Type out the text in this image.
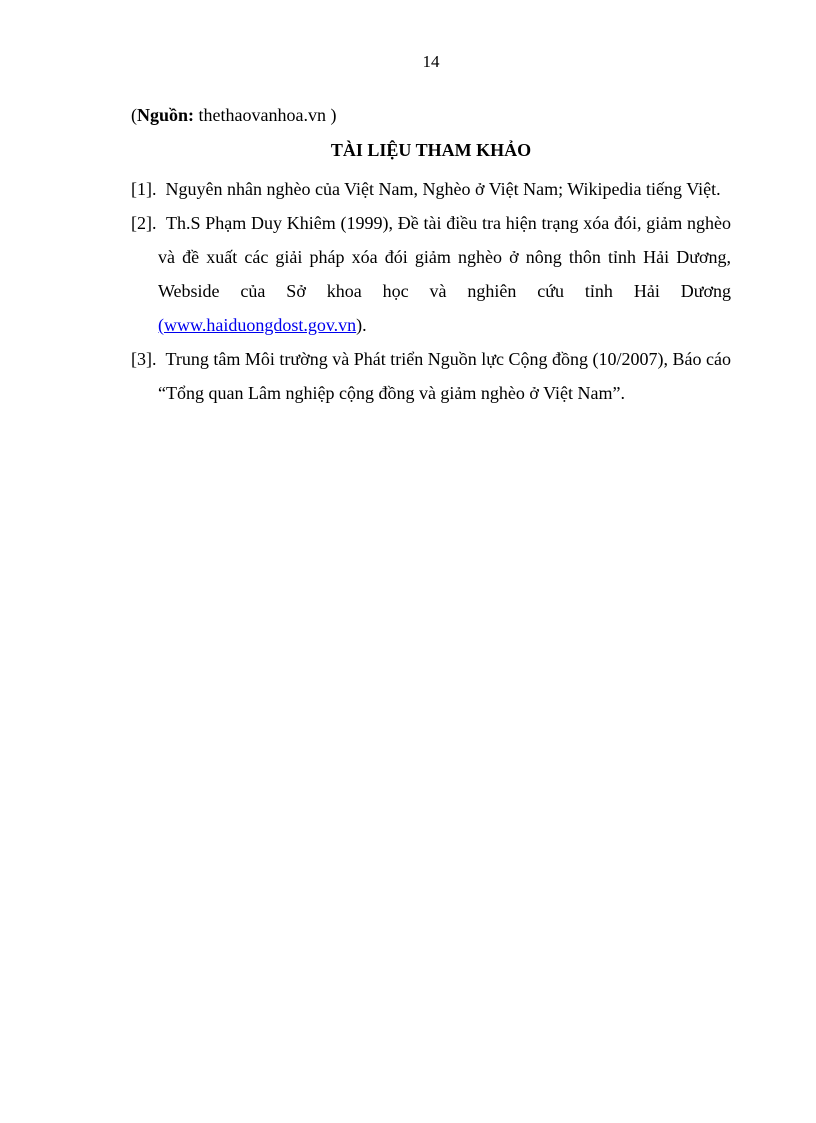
14
(Nguồn: thethaovanhoa.vn )
TÀI LIỆU THAM KHẢO
[1]. Nguyên nhân nghèo của Việt Nam, Nghèo ở Việt Nam; Wikipedia tiếng Việt.
[2]. Th.S Phạm Duy Khiêm (1999), Đề tài điều tra hiện trạng xóa đói, giảm nghèo và đề xuất các giải pháp xóa đói giảm nghèo ở nông thôn tỉnh Hải Dương, Webside của Sở khoa học và nghiên cứu tỉnh Hải Dương (www.haiduongdost.gov.vn).
[3]. Trung tâm Môi trường và Phát triển Nguồn lực Cộng đồng (10/2007), Báo cáo “Tổng quan Lâm nghiệp cộng đồng và giảm nghèo ở Việt Nam”.
